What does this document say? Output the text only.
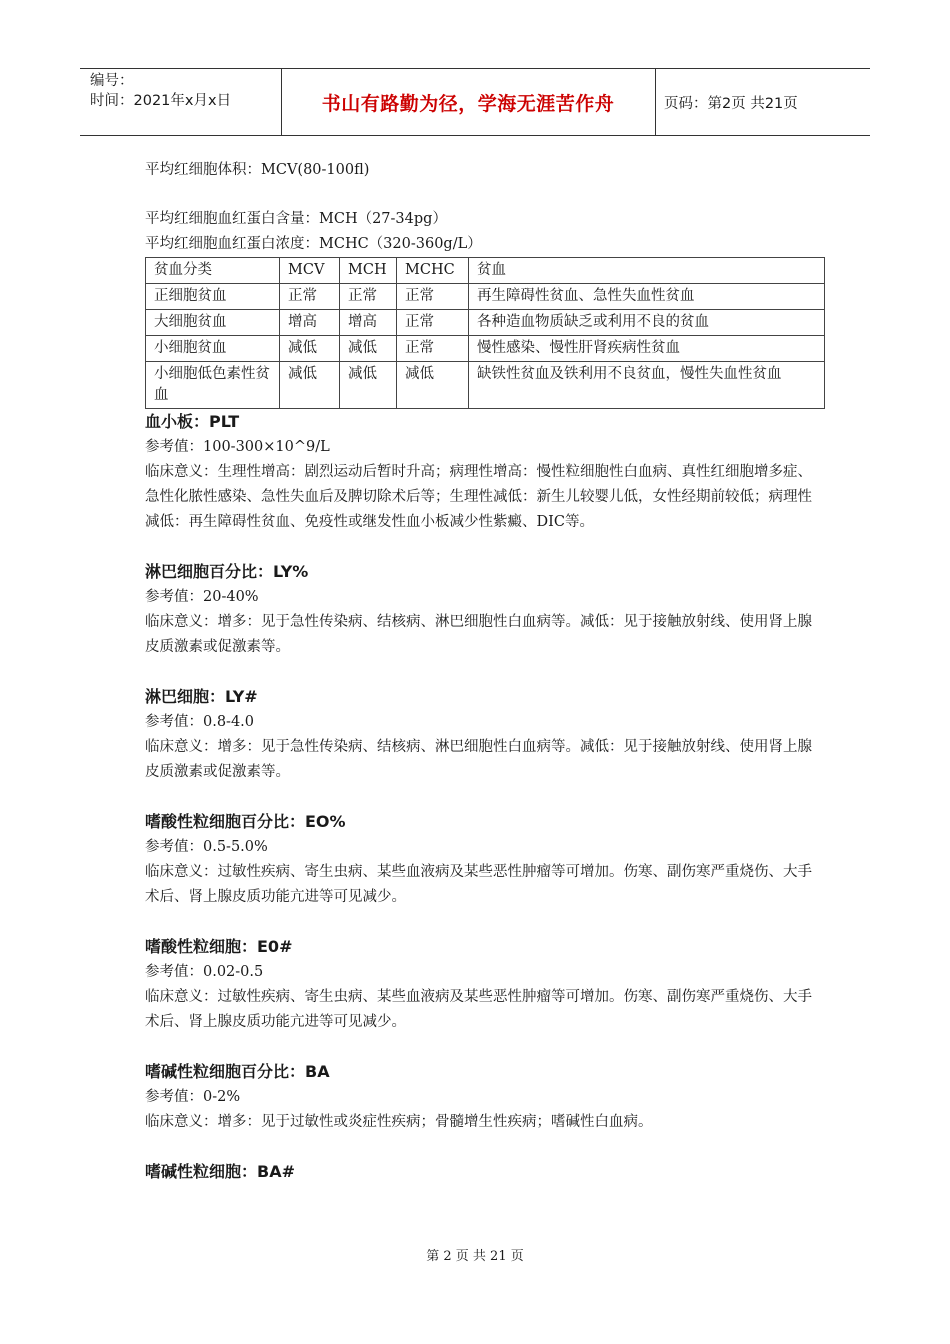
编号：
时间：2021年x月x日	书山有路勤为径，学海无涯苦作舟	页码：第2页 共21页

平均红细胞体积：MCV(80-100fl)

平均红细胞血红蛋白含量：MCH（27-34pg）

平均红细胞血红蛋白浓度：MCHC（320-360g/L）

贫血分类	MCV	MCH	MCHC	贫血
正细胞贫血	正常	正常	正常	再生障碍性贫血、急性失血性贫血
大细胞贫血	增高	增高	正常	各种造血物质缺乏或利用不良的贫血
小细胞贫血	减低	减低	正常	慢性感染、慢性肝肾疾病性贫血
小细胞低色素性贫血	减低	减低	减低	缺铁性贫血及铁利用不良贫血，慢性失血性贫血

血小板：PLT

参考值：100-300×10^9/L

临床意义：生理性增高：剧烈运动后暂时升高；病理性增高：慢性粒细胞性白血病、真性红细胞增多症、急性化脓性感染、急性失血后及脾切除术后等；生理性减低：新生儿较婴儿低，女性经期前较低；病理性减低：再生障碍性贫血、免疫性或继发性血小板减少性紫癜、DIC等。

淋巴细胞百分比：LY%

参考值：20-40%

临床意义：增多：见于急性传染病、结核病、淋巴细胞性白血病等。减低：见于接触放射线、使用肾上腺皮质激素或促激素等。

淋巴细胞：LY#

参考值：0.8-4.0

临床意义：增多：见于急性传染病、结核病、淋巴细胞性白血病等。减低：见于接触放射线、使用肾上腺皮质激素或促激素等。

嗜酸性粒细胞百分比：EO%

参考值：0.5-5.0%

临床意义：过敏性疾病、寄生虫病、某些血液病及某些恶性肿瘤等可增加。伤寒、副伤寒严重烧伤、大手术后、肾上腺皮质功能亢进等可见减少。

嗜酸性粒细胞：E0#

参考值：0.02-0.5

临床意义：过敏性疾病、寄生虫病、某些血液病及某些恶性肿瘤等可增加。伤寒、副伤寒严重烧伤、大手术后、肾上腺皮质功能亢进等可见减少。

嗜碱性粒细胞百分比：BA

参考值：0-2%

临床意义：增多：见于过敏性或炎症性疾病；骨髓增生性疾病；嗜碱性白血病。

嗜碱性粒细胞：BA#

第 2 页 共 21 页
